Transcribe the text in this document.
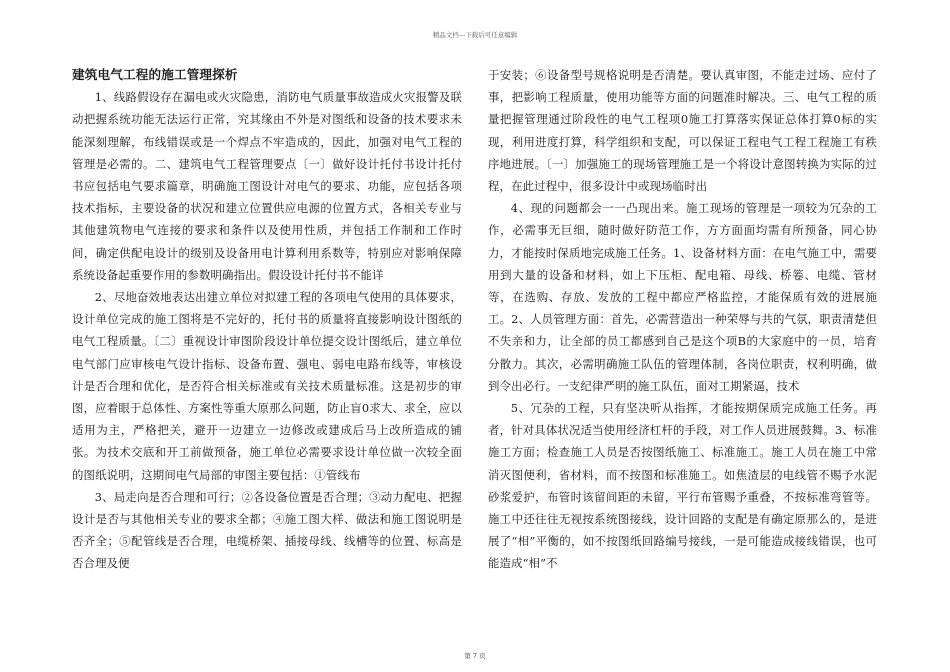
精品文档---下载后可任意编辑
建筑电气工程的施工管理探析

1、线路假设存在漏电或火灾隐患，消防电气质量事故造成火灾报警及联动把握系统功能无法运行正常，究其缘由不外是对图纸和设备的技术要求未能深刻理解，布线错误或是一个焊点不牢造成的，因此，加强对电气工程的管理是必需的。二、建筑电气工程管理要点〔一〕做好设计托付书设计托付书应包括电气要求篇章，明确施工图设计对电气的要求、功能，应包括各项技术指标，主要设备的状况和建立位置供应电源的位置方式，各相关专业与其他建筑物电气连接的要求和条件以及使用性质，并包括工作制和工作时间，确定供配电设计的级别及设备用电计算利用系数等，特别应对影响保障系统设备起重要作用的参数明确指出。假设设计托付书不能详

2、尽地奋效地表达出建立单位对拟建工程的各项电气使用的具体要求，设计单位完成的施工图将是不完好的，托付书的质量将直接影响设计图纸的电气工程质量。〔二〕重视设计审图阶段设计单位提交设计图纸后，建立单位电气部门应审核电气设计指标、设备布置、强电、弱电电路布线等，审核设计是否合理和优化，是否符合相关标准或有关技术质量标准。这是初步的审图，应着眼于总体性、方案性等重大原那么问题，防止盲0求大、求全，应以适用为主，严格把关，避开一边建立一边修改或建成后马上改所造成的铺张。为技术交底和开工前做预备，施工单位必需要求设计单位做一次较全面的图纸说明，这期间电气局部的审图主要包括：①管线布

3、局走向是否合理和可行；②各设备位置是否合理；③动力配电、把握设计是否与其他相关专业的要求全都；④施工图大样、做法和施工图说明是否齐全；⑤配管线是否合理，电缆桥架、插接母线、线槽等的位置、标高是否合理及便

于安装；⑥设备型号规格说明是否清楚。要认真审图，不能走过场、应付了事，把影响工程质量，使用功能等方面的问题准时解决。三、电气工程的质量把握管理通过阶段性的电气工程项0施工打算落实保证总体打算0标的实现，利用进度打算，科学组织和支配，可以保证工程电气工程工程施工有秩序地进展。〔一〕加强施工的现场管理施工是一个将设计意图转换为实际的过程，在此过程中，很多设计中或现场临时出

4、现的问题都会一一凸现出来。施工现场的管理是一项较为冗杂的工作，必需事无巨细，随时做好防范工作，方方面面均需有所预备，同心协力，才能按时保质地完成施工任务。1、设备材料方面：在电气施工中，需要用到大量的设备和材料，如上下压柜、配电箱、母线、桥箞、电缆、管材等，在选购、存放、发放的工程中都应严格监控，才能保质有效的进展施工。2、人员管理方面：首先，必需营造出一种荣辱与共的气氛，职责清楚但不失亲和力，让全部的员工都感到自己是这个项B的大家庭中的一员，培育分散力。其次，必需明确施工队伍的管理体制，各岗位职责，权利明确，做到令出必行。一支纪律严明的施工队伍，面对工期紧逼，技术

5、冗杂的工程，只有坚决听从指挥，才能按期保质完成施工任务。再者，针对具体状况适当使用经济杠杆的手段，对工作人员进展鼓舞。3、标准施工方面；检查施工人员是否按图纸施工、标准施工。施工人员在施工中常消灭图便利，省材料，而不按图和标准施工。如焦渣层的电线管不赐予水泥砂浆爱护，布管时该留间距的未留，平行布管赐予重叠，不按标准弯管等。施工中还往往无视按系统图接线，设计回路的支配是有确定原那么的，是进展了“相”平衡的，如不按图纸回路编号接线，一是可能造成接线错误，也可能造成“相”不

第 7 页
